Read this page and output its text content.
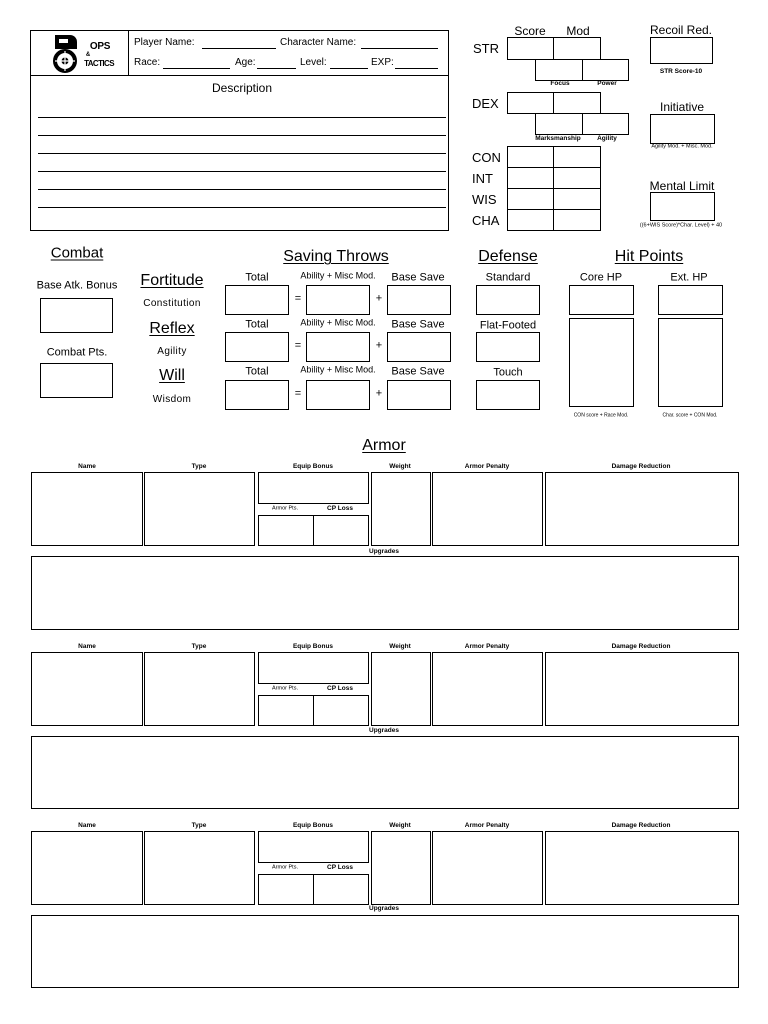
OPS
&
TACTICS
Player Name:	Character Name:
Race:	Age:	Level:	EXP:
Description
Score Mod
STR
Focus	Power
DEX
Marksmanship	Agility
CON
INT
WIS
CHA
Recoil Red.
STR Score-10
Initiative
Agility Mod. + Misc. Mod.
Mental Limit
((6+WIS Score)*Char. Level) + 40
Combat
Base Atk. Bonus
Combat Pts.
Saving Throws
Fortitude
Constitution
Total	Ability + Misc Mod. Base Save
=	+
Reflex
Agility
Total	Ability + Misc Mod. Base Save
=	+
Will
Wisdom
Total	Ability + Misc Mod. Base Save
=	+
Defense
Standard
Flat-Footed
Touch
Hit Points
Core HP	Ext. HP
CON score + Race Mod.	Char. score + CON Mod.
Armor
Name	Type	Equip Bonus	Weight	Armor Penalty	Damage Reduction
Armor Pts.	CP Loss
Upgrades
Name	Type	Equip Bonus	Weight	Armor Penalty	Damage Reduction
Armor Pts.	CP Loss
Upgrades
Name	Type	Equip Bonus	Weight	Armor Penalty	Damage Reduction
Armor Pts.	CP Loss
Upgrades
